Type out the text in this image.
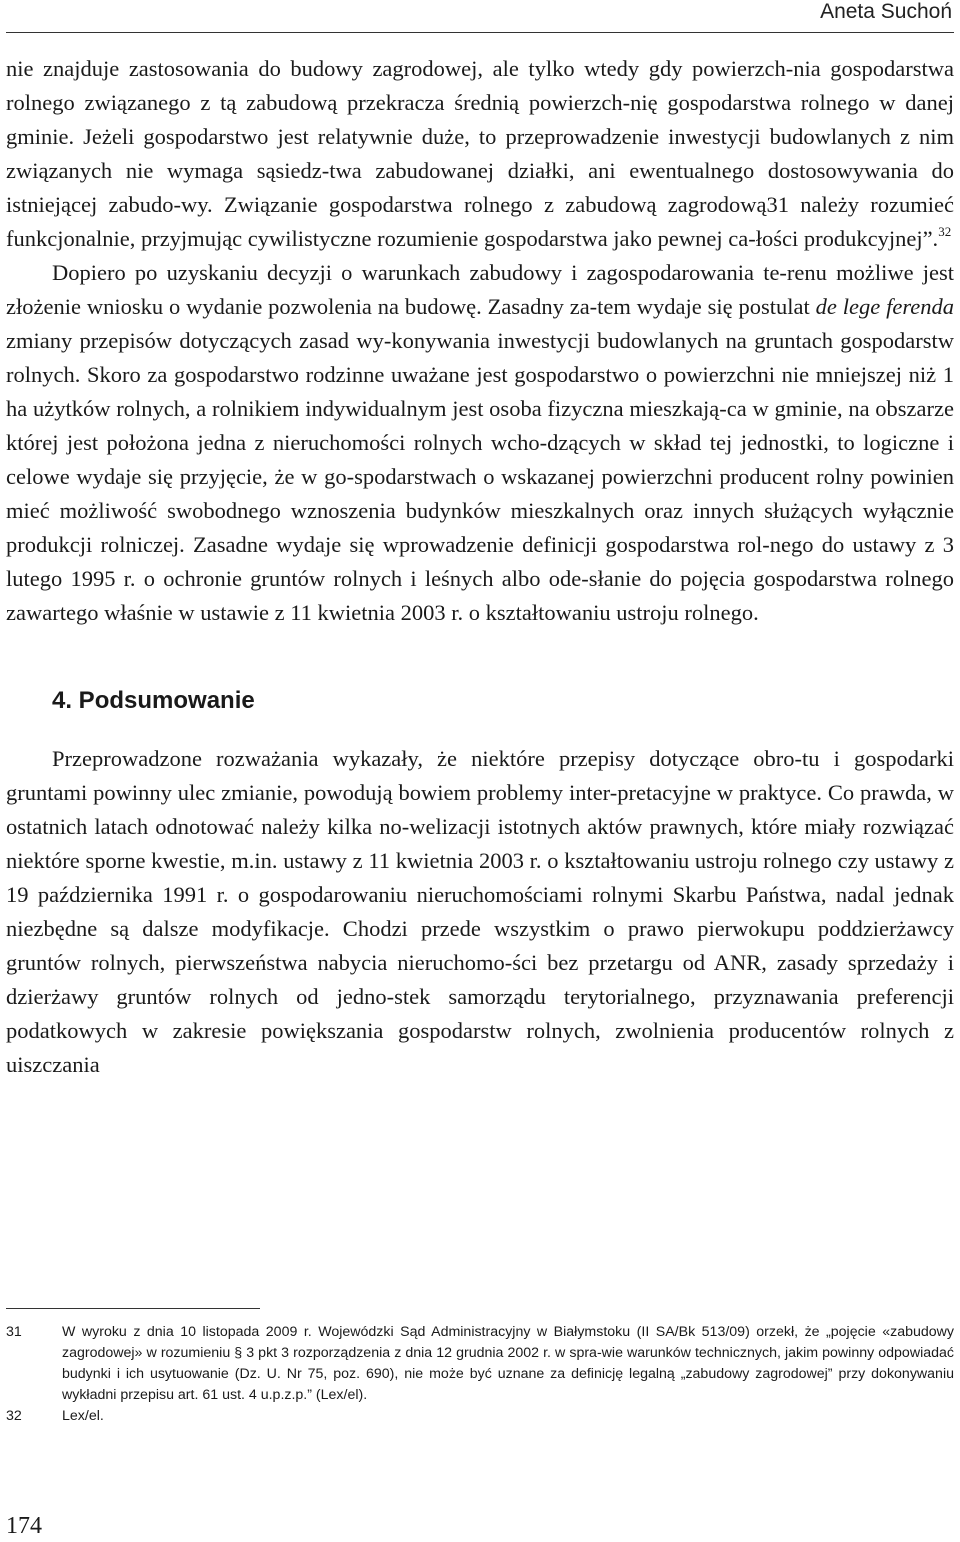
Aneta Suchoń

nie znajduje zastosowania do budowy zagrodowej, ale tylko wtedy gdy powierzch-nia gospodarstwa rolnego związanego z tą zabudową przekracza średnią powierzch-nię gospodarstwa rolnego w danej gminie. Jeżeli gospodarstwo jest relatywnie duże, to przeprowadzenie inwestycji budowlanych z nim związanych nie wymaga sąsiedz-twa zabudowanej działki, ani ewentualnego dostosowywania do istniejącej zabudo-wy. Związanie gospodarstwa rolnego z zabudową zagrodową31 należy rozumieć funkcjonalnie, przyjmując cywilistyczne rozumienie gospodarstwa jako pewnej ca-łości produkcyjnej”.$^{32}$

Dopiero po uzyskaniu decyzji o warunkach zabudowy i zagospodarowania te-renu możliwe jest złożenie wniosku o wydanie pozwolenia na budowę. Zasadny za-tem wydaje się postulat de lege ferenda zmiany przepisów dotyczących zasad wy-konywania inwestycji budowlanych na gruntach gospodarstw rolnych. Skoro za gospodarstwo rodzinne uważane jest gospodarstwo o powierzchni nie mniejszej niż 1 ha użytków rolnych, a rolnikiem indywidualnym jest osoba fizyczna mieszkają-ca w gminie, na obszarze której jest położona jedna z nieruchomości rolnych wcho-dzących w skład tej jednostki, to logiczne i celowe wydaje się przyjęcie, że w go-spodarstwach o wskazanej powierzchni producent rolny powinien mieć możliwość swobodnego wznoszenia budynków mieszkalnych oraz innych służących wyłącznie produkcji rolniczej. Zasadne wydaje się wprowadzenie definicji gospodarstwa rol-nego do ustawy z 3 lutego 1995 r. o ochronie gruntów rolnych i leśnych albo ode-słanie do pojęcia gospodarstwa rolnego zawartego właśnie w ustawie z 11 kwietnia 2003 r. o kształtowaniu ustroju rolnego.

4. Podsumowanie

Przeprowadzone rozważania wykazały, że niektóre przepisy dotyczące obro-tu i gospodarki gruntami powinny ulec zmianie, powodują bowiem problemy inter-pretacyjne w praktyce. Co prawda, w ostatnich latach odnotować należy kilka no-welizacji istotnych aktów prawnych, które miały rozwiązać niektóre sporne kwestie, m.in. ustawy z 11 kwietnia 2003 r. o kształtowaniu ustroju rolnego czy ustawy z 19 października 1991 r. o gospodarowaniu nieruchomościami rolnymi Skarbu Państwa, nadal jednak niezbędne są dalsze modyfikacje. Chodzi przede wszystkim o prawo pierwokupu poddzierżawcy gruntów rolnych, pierwszeństwa nabycia nieruchomo-ści bez przetargu od ANR, zasady sprzedaży i dzierżawy gruntów rolnych od jedno-stek samorządu terytorialnego, przyznawania preferencji podatkowych w zakresie powiększania gospodarstw rolnych, zwolnienia producentów rolnych z uiszczania

31	W wyroku z dnia 10 listopada 2009 r. Wojewódzki Sąd Administracyjny w Białymstoku (II SA/Bk 513/09) orzekł, że „pojęcie «zabudowy zagrodowej» w rozumieniu § 3 pkt 3 rozporządzenia z dnia 12 grudnia 2002 r. w spra-wie warunków technicznych, jakim powinny odpowiadać budynki i ich usytuowanie (Dz. U. Nr 75, poz. 690), nie może być uznane za definicję legalną „zabudowy zagrodowej” przy dokonywaniu wykładni przepisu art. 61 ust. 4 u.p.z.p.” (Lex/el).
32	Lex/el.
174
